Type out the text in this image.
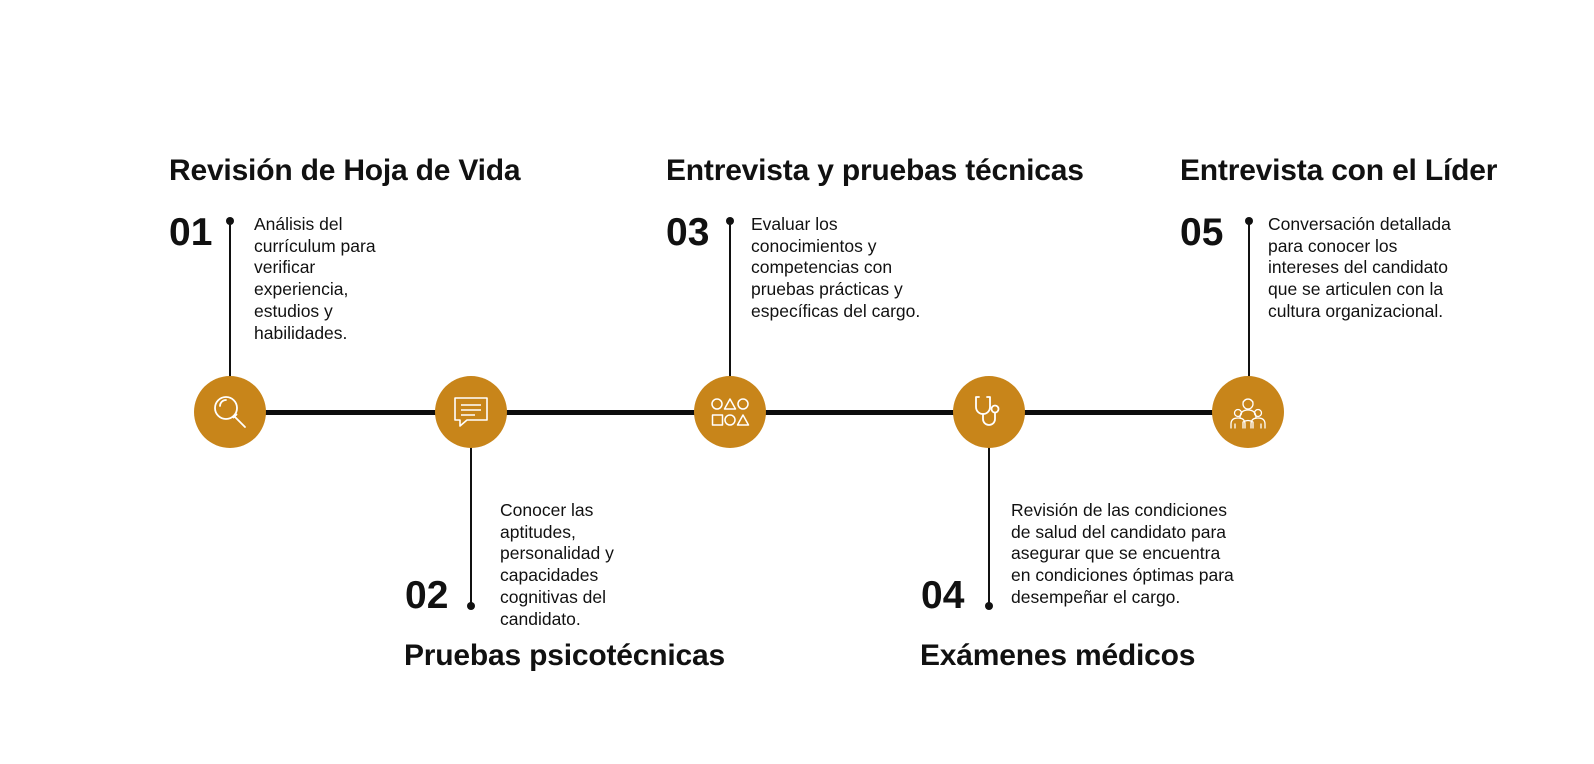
Revisión de Hoja de Vida
01 Análisis del currículum para verificar experiencia, estudios y habilidades.
Pruebas psicotécnicas
02
Conocer las aptitudes, personalidad y capacidades cognitivas del candidato.
Entrevista y pruebas técnicas
03 Evaluar los conocimientos y competencias con pruebas prácticas y específicas del cargo.
Exámenes médicos
04
Revisión de las condiciones de salud del candidato para asegurar que se encuentra en condiciones óptimas para desempeñar el cargo.
Entrevista con el Líder
05	Conversación detallada para conocer los intereses del candidato que se articulen con la cultura organizacional.
